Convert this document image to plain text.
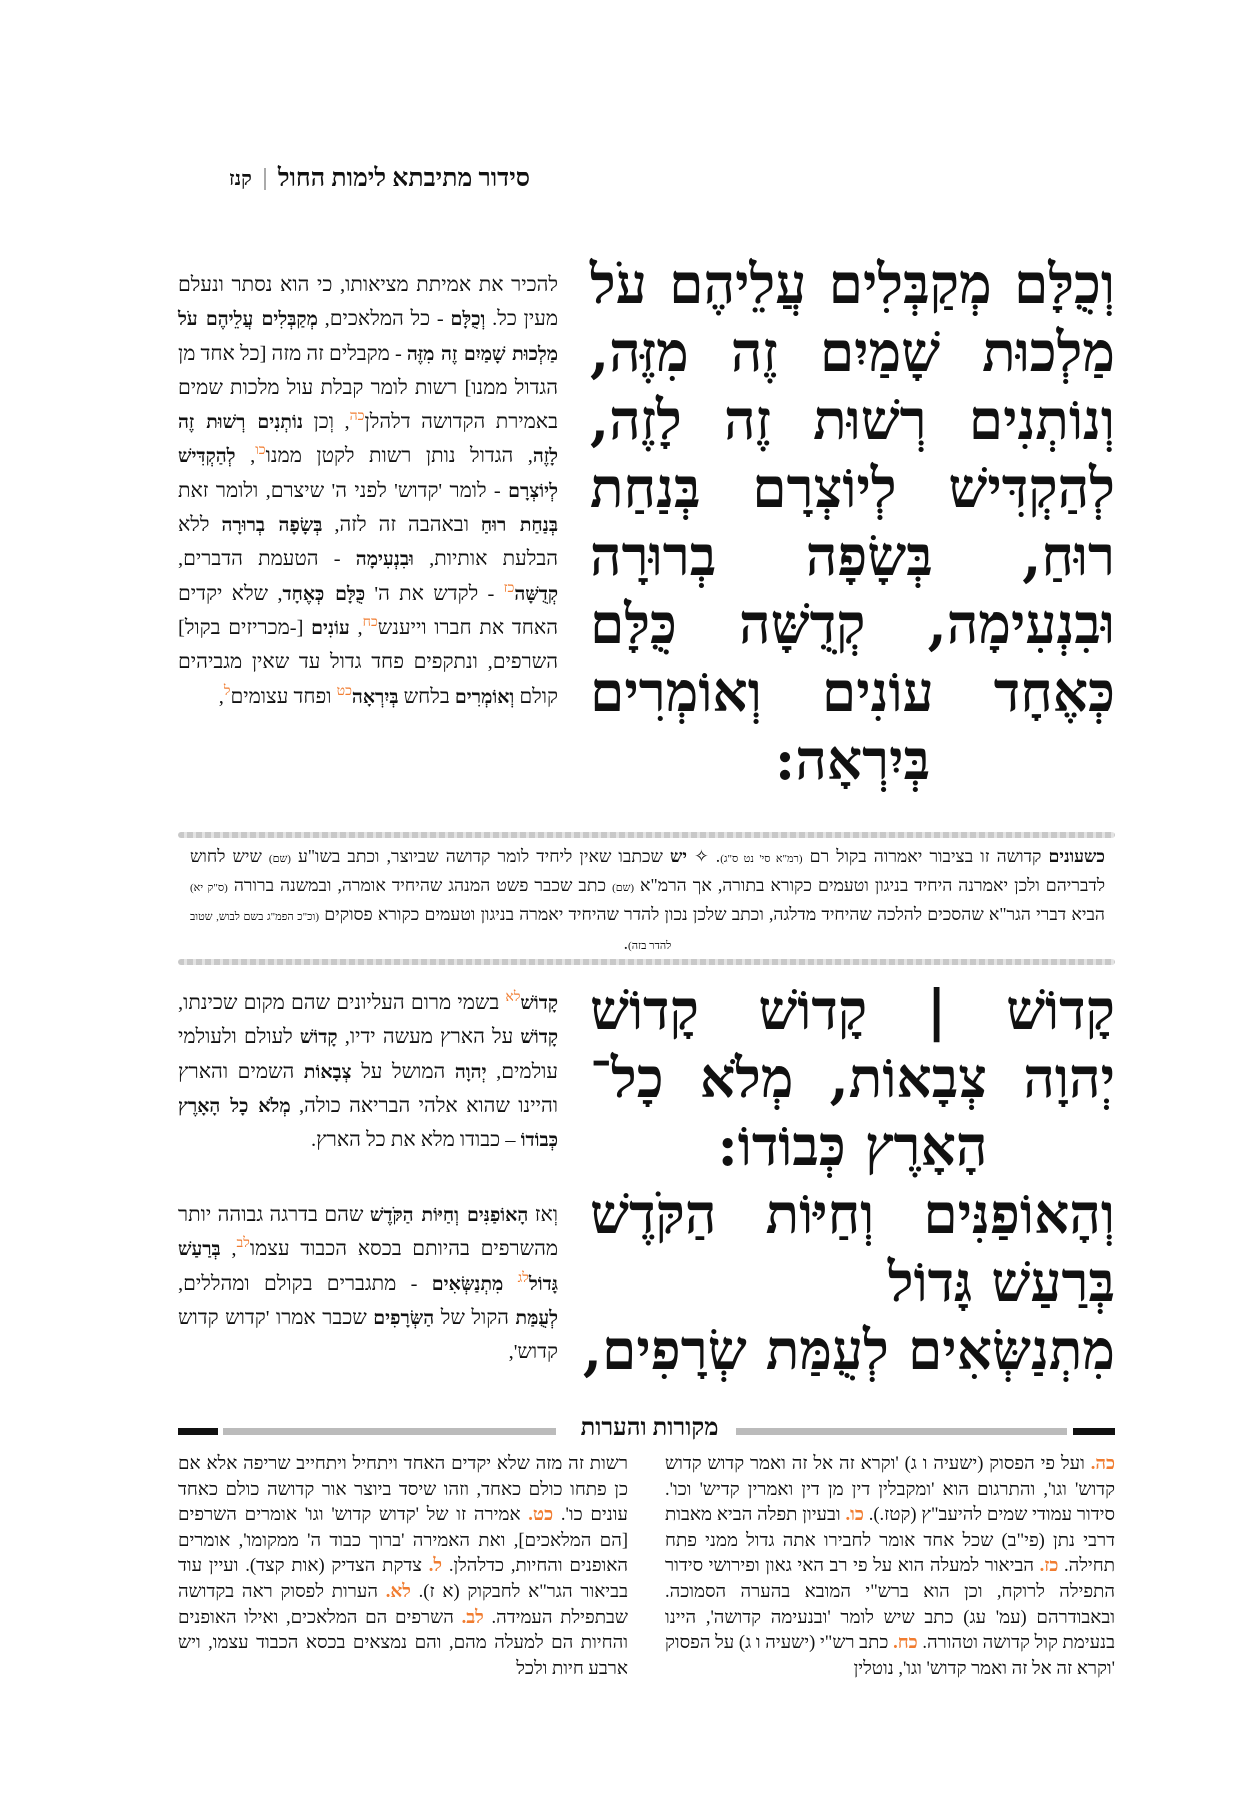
סידור מתיבתא לימות החול
קנז
וְכֻלָּם מְקַבְּלִים עֲלֵיהֶם עֹל
מַלְכוּת שָׁמַיִם זֶה מִזֶּה,
וְנוֹתְנִים רְשׁוּת זֶה לָזֶה,
לְהַקְדִּישׁ לְיוֹצְרָם בְּנַחַת
רוּחַ, בְּשָׂפָה בְרוּרָה
וּבִנְעִימָה, קְדֻשָּׁה כֻּלָּם
כְּאֶחָד עוֹנִים וְאוֹמְרִים
בְּיִרְאָה:
להכיר את אמיתת מציאותו, כי הוא נסתר ונעלם מעין כל. וְכֻלָּם - כל המלאכים, מְקַבְּלִים עֲלֵיהֶם עֹל מַלְכוּת שָׁמַיִם זֶה מִזֶּה - מקבלים זה מזה [כל אחד מן הגדול ממנו] רשות לומר קבלת עול מלכות שמים באמירת הקדושה דלהלן$^{כה}$, וְכן נוֹתְנִים רְשׁוּת זֶה לָזֶה, הגדול נותן רשות לקטן ממנו$^{כו}$, לְהַקְדִּישׁ לְיוֹצְרָם - לומר 'קדוש' לפני ה' שיצרם, ולומר זאת בְּנַחַת רוּחַ ובאהבה זה לזה, בְּשָׂפָה בְרוּרָה ללא הבלעת אותיות, וּבִנְעִימָה - הטעמת הדברים, קְדֻשָּׁה$^{כז}$ - לקדש את ה' כֻּלָּם כְּאֶחָד, שלא יקדים האחד את חברו וייענש$^{כח}$, עוֹנִים [-מכריזים בקול] השרפים, ונתקפים פחד גדול עד שאין מגביהים קולם וְאוֹמְרִים בלחש בְּיִרְאָה$^{כט}$ ופחד עצומים$^ל$,
כשעונים קדושה זו בציבור יאמרוה בקול רם (רמ"א סי' נט ס"ג). ✧ יש שכתבו שאין ליחיד לומר קדושה שביוצר, וכתב בשו"ע (שם) שיש לחוש לדבריהם ולכן יאמרנה היחיד בניגון וטעמים כקורא בתורה, אך הרמ"א (שם) כתב שכבר פשט המנהג שהיחיד אומרה, ובמשנה ברורה (ס"ק יא) הביא דברי הגר"א שהסכים להלכה שהיחיד מדלגה, וכתב שלכן נכון להדר שהיחיד יאמרה בניגון וטעמים כקורא פסוקים (וכ"כ הפמ"ג בשם לבוש, שטוב להדר בזה).
קָדוֹשׁ | קָדוֹשׁ קָדוֹשׁ
יְהוָה צְבָאוֹת, מְלֹא כָל־
הָאָרֶץ כְּבוֹדוֹ:
וְהָאוֹפַנִּים וְחַיּוֹת הַקֹּדֶשׁ
בְּרַעַשׁ גָּדוֹל
מִתְנַשְּׂאִים לְעֻמַּת שְׂרָפִים,
קָדוֹשׁ$^{לא}$ בשמי מרום העליונים שהם מקום שכינתו, קָדוֹשׁ על הארץ מעשה ידיו, קָדוֹשׁ לעולם ולעולמי עולמים, יְהוָה המושל על צְבָאוֹת השמים והארץ והיינו שהוא אלהי הבריאה כולה, מְלֹא כָל הָאָרֶץ כְּבוֹדוֹ – כבודו מלא את כל הארץ.
וְאז הָאוֹפַנִּים וְחַיּוֹת הַקֹּדֶשׁ שהם בדרגה גבוהה יותר מהשרפים בהיותם בכסא הכבוד עצמו$^{לב}$, בְּרַעַשׁ גָּדוֹל$^{לג}$ מִתְנַשְּׂאִים - מתגברים בקולם ומהללים, לְעֻמַּת הקול של הַשְּׂרָפִים שכבר אמרו 'קדוש קדוש קדוש',
מקורות והערות
כה. ועל פי הפסוק (ישעיה ו ג) 'וקרא זה אל זה ואמר קדוש קדוש קדוש' וגו', והתרגום הוא 'ומקבלין דין מן דין ואמרין קדיש' וכו'. סידור עמודי שמים להיעב"ץ (קטז.). כו. ובעיון תפלה הביא מאבות דרבי נתן (פי"ב) שכל אחד אומר לחבירו אתה גדול ממני פתח תחילה. כז. הביאור למעלה הוא על פי רב האי גאון ופירושי סידור התפילה לרוקח, וכן הוא ברש"י המובא בהערה הסמוכה. ובאבודרהם (עמ' עג) כתב שיש לומר 'ובנעימה קדושה', היינו בנעימת קול קדושה וטהורה. כח. כתב רש"י (ישעיה ו ג) על הפסוק 'וקרא זה אל זה ואמר קדוש' וגו', נוטלין
רשות זה מזה שלא יקדים האחד ויתחיל ויתחייב שריפה אלא אם כן פתחו כולם כאחד, וזהו שיסד ביוצר אור קדושה כולם כאחד עונים כו'. כט. אמירה זו של 'קדוש קדוש' וגו' אומרים השרפים [הם המלאכים], ואת האמירה 'ברוך כבוד ה' ממקומו', אומרים האופנים והחיות, כדלהלן. ל. צדקת הצדיק (אות קצד). ועיין עוד בביאור הגר"א לחבקוק (א ז). לא. הערות לפסוק ראה בקדושה שבתפילת העמידה. לב. השרפים הם המלאכים, ואילו האופנים והחיות הם למעלה מהם, והם נמצאים בכסא הכבוד עצמו, ויש ארבע חיות ולכל
